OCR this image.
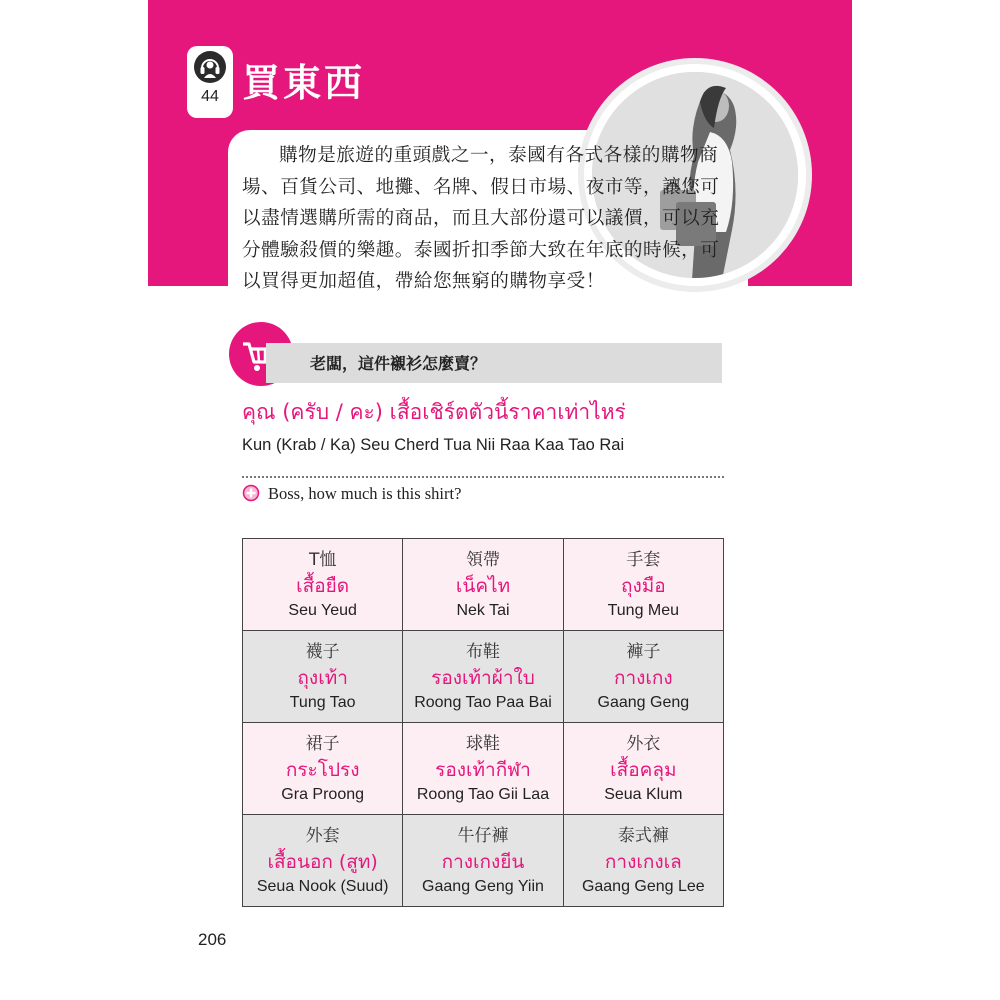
44 買東西

購物是旅遊的重頭戲之一，泰國有各式各樣的購物商場、百貨公司、地攤、名牌、假日市場、夜市等，讓您可以盡情選購所需的商品，而且大部份還可以議價，可以充分體驗殺價的樂趣。泰國折扣季節大致在年底的時候，可以買得更加超值，帶給您無窮的購物享受！

老闆，這件襯衫怎麼賣？
คุณ (ครับ / คะ) เสื้อเชิร์ตตัวนี้ราคาเท่าไหร่
Kun (Krab / Ka) Seu Cherd Tua Nii Raa Kaa Tao Rai
Boss, how much is this shirt?
T恤
เสื้อยืด
Seu Yeud	領帶
เน็คไท
Nek Tai	手套
ถุงมือ
Tung Meu

襪子
ถุงเท้า
Tung Tao	布鞋
รองเท้าผ้าใบ
Roong Tao Paa Bai	褲子
กางเกง
Gaang Geng

裙子
กระโปรง
Gra Proong	球鞋
รองเท้ากีฬา
Roong Tao Gii Laa	外衣
เสื้อคลุม
Seua Klum

外套
เสื้อนอก (สูท)
Seua Nook (Suud)	牛仔褲
กางเกงยีน
Gaang Geng Yiin	泰式褲
กางเกงเล
Gaang Geng Lee
206
